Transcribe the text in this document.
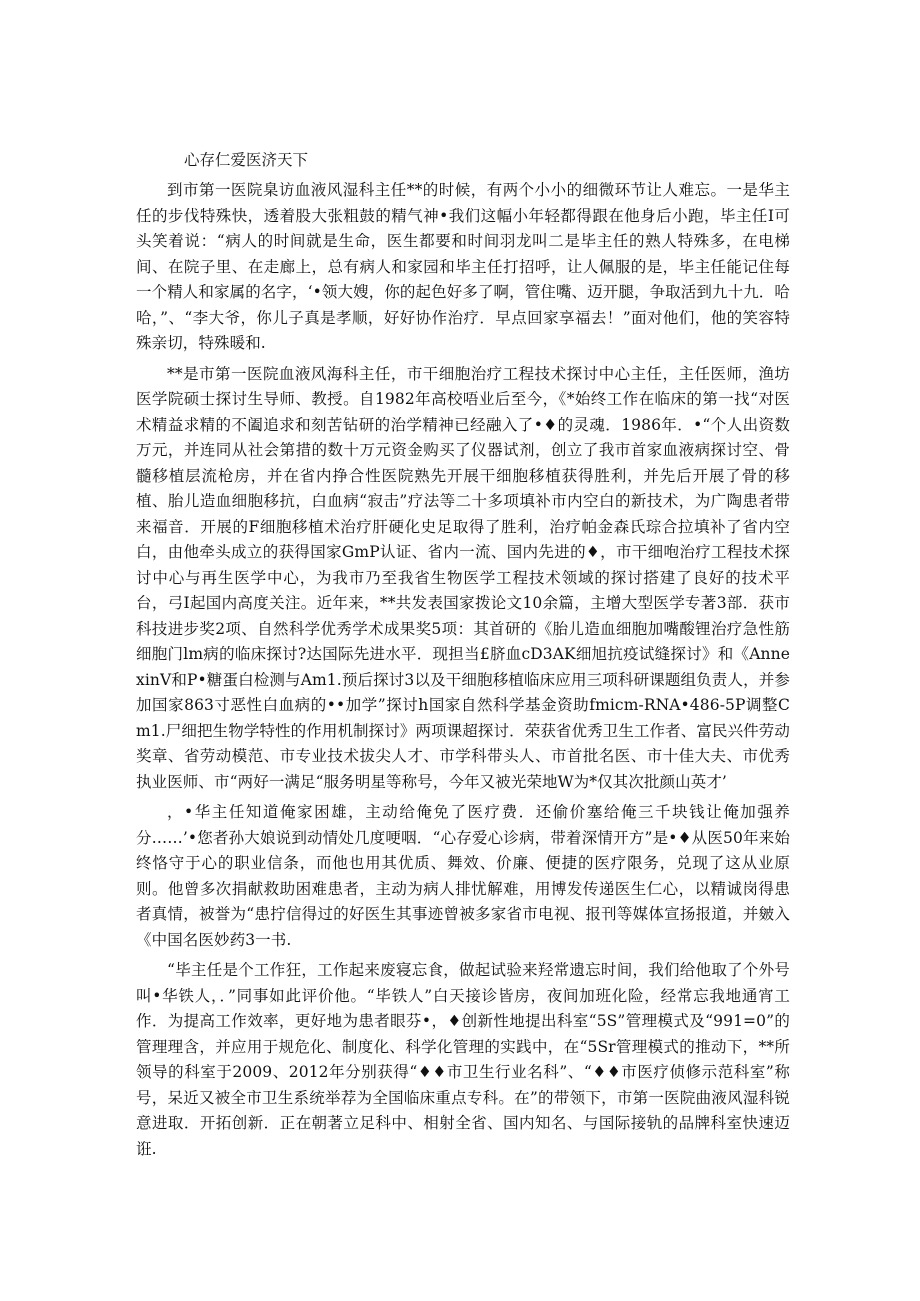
心存仁爱医济天下

到市第一医院臬访血液风湿科主任**的时候，有两个小小的细微环节让人难忘。一是华主任的步伐特殊快，透着股大张粗鼓的精气神•我们这幅小年轻都得跟在他身后小跑，毕主任I可头笑着说：“病人的时间就是生命，医生都要和时间羽龙叫二是毕主任的熟人特殊多，在电梯间、在院子里、在走廊上，总有病人和家园和毕主任打招呼，让人佩服的是，毕主任能记住每一个精人和家属的名字，‘•领大嫂，你的起色好多了啊，管住嘴、迈开腿，争取活到九十九．哈哈，”、“李大爷，你儿子真是孝顺，好好协作治疗．早点回家享福去！”面对他们，他的笑容特殊亲切，特殊暖和.

**是市第一医院血液风海科主任，市干细胞治疗工程技术探讨中心主任，主任医师，渔坊医学院硕士探讨生导师、教授。自1982年高校唔业后至今，《*始终工作在临床的第一找“对医术精益求精的不阖追求和刻苦钻研的治学精神已经融入了•♦的灵魂．1986年．•“个人出资数万元，并连同从社会第措的数十万元资金购买了仪器试剂，创立了我市首家血液病探讨空、骨髓移植层流枪房，并在省内挣合性医院熟先开展干细胞移植获得胜利，并先后开展了骨的移植、胎儿造血细胞移抗，白血病“寂击”疗法等二十多项填补市内空白的新技术，为广陶患者带来福音．开展的F细胞移植术治疗肝硬化史足取得了胜利，治疗帕金森氏琮合拉填补了省内空白，由他牵头成立的获得国家GmP认证、省内一流、国内先进的♦，市干细咆治疗工程技术探讨中心与再生医学中心，为我市乃至我省生物医学工程技术领域的探讨搭建了良好的技术平台，弓I起国内高度关注。近年来，**共发表国家拨论文10余篇，主增大型医学专著3部．获市科技进步奖2项、自然科学优秀学术成果奖5项：其首研的《胎儿造血细胞加嘴酸锂治疗急性筋细胞门lm病的临床探讨?达国际先进水平．现担当£脐血cD3AK细旭抗疫试缝探讨》和《AnnexinV和P•糖蛋白检测与Am1.预后探讨3以及干细胞移植临床应用三项科研课题组负责人，并参加国家863寸恶性白血病的••加学”探讨h国家自然科学基金资助fmicm-RNA•486-5P调整Cm1.尸细把生物学特性的作用机制探讨》两项课超探讨．荣获省优秀卫生工作者、富民兴件劳动奖章、省劳动模范、市专业技术拔尖人才、市学科带头人、市首批名医、市十佳大夫、市优秀执业医师、市“两好一满足“服务明星等称号，今年又被光荣地W为*仅其次批颜山英才’

，•华主任知道俺家困雄，主动给俺免了医疗费．还偷价塞给俺三千块钱让俺加强养分……’•您者孙大娘说到动情处几度哽咽．“心存爱心诊病，带着深情开方”是•♦从医50年来始终恪守于心的职业信条，而他也用其优质、舞效、价廉、便捷的医疗限务，兑现了这从业原则。他曾多次捐献救助困难患者，主动为病人排忧解难，用博发传递医生仁心，以精诚岗得患者真情，被誉为“患拧信得过的好医生其事迹曾被多家省市电视、报刊等媒体宣扬报道，并皴入《中国名医妙药3一书.

“毕主任是个工作狂，工作起来废寝忘食，做起试验来羟常遗忘时间，我们给他取了个外号叫•华铁人，．”同事如此评价他。“毕铁人”白天接诊皆房，夜间加班化险，经常忘我地通宵工作．为提高工作效率，更好地为患者眼芬•，♦创新性地提出科室“5S”管理模式及“991=0”的管理理含，并应用于规危化、制度化、科学化管理的实践中，在“5Sr管理模式的推动下，**所领导的科室于2009、2012年分别获得“♦♦市卫生行业名科”、“♦♦市医疗侦修示范科室”称号，呆近又被全市卫生系统举荐为全国临床重点专科。在”的带领下，市第一医院曲液风湿科锐意进取．开拓创新．正在朝著立足科中、相射全省、国内知名、与国际接轨的品牌科室快速迈诳.
